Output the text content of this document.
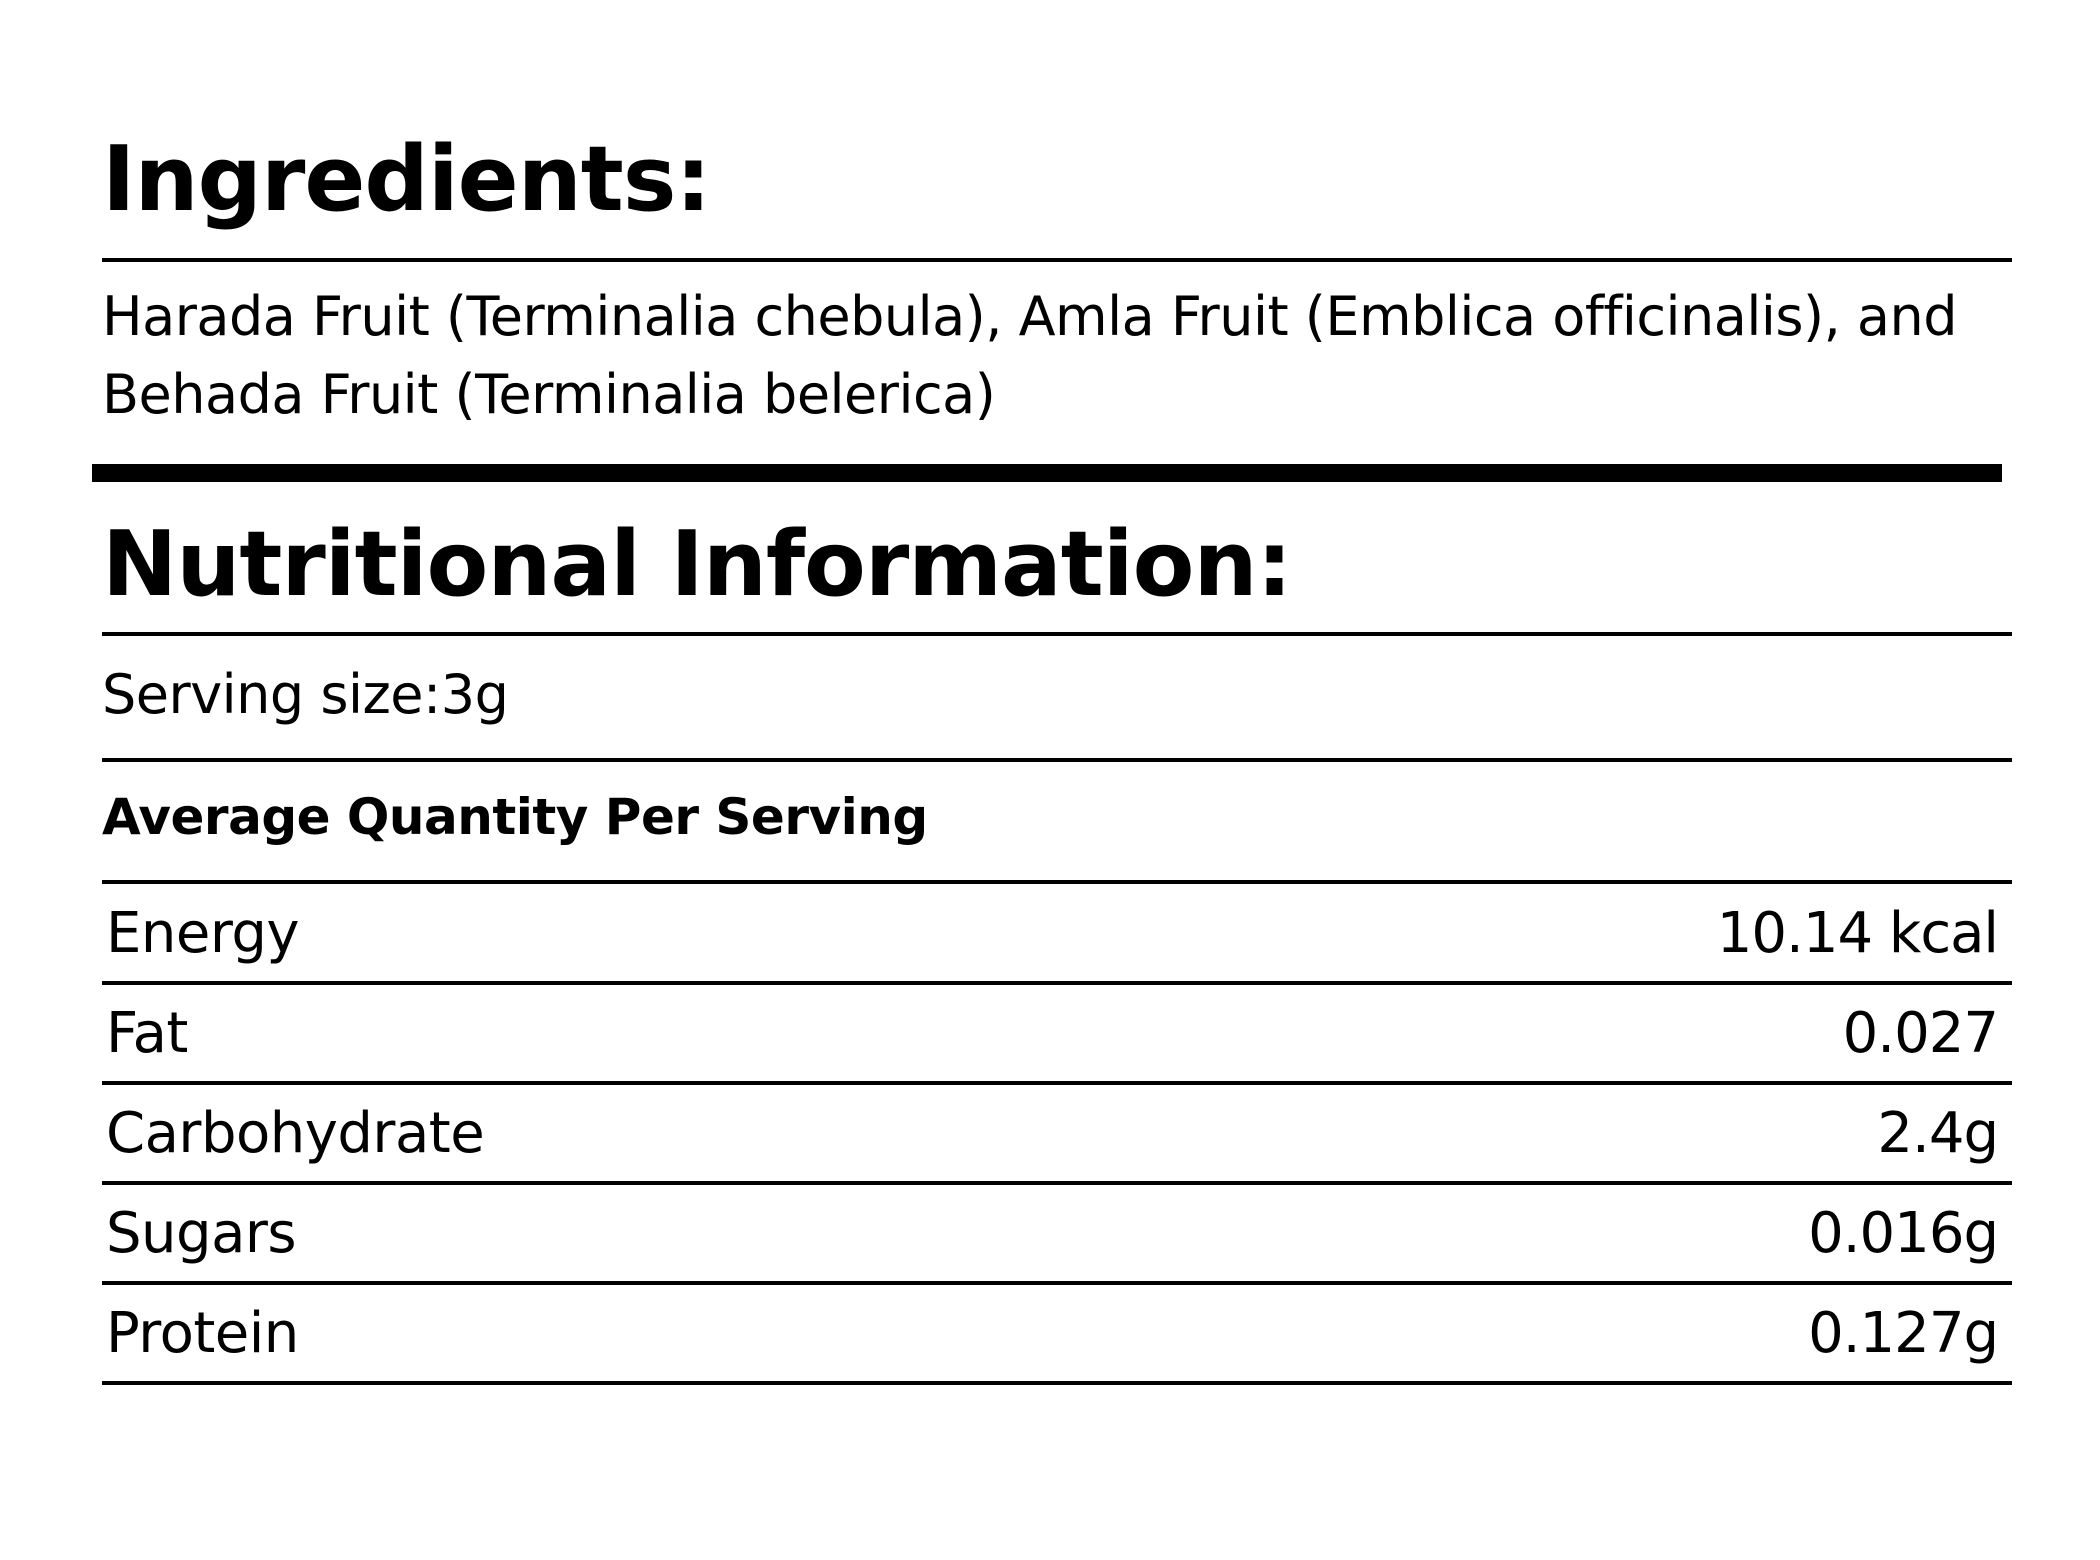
Ingredients:

Harada Fruit (Terminalia chebula), Amla Fruit (Emblica officinalis), and Behada Fruit (Terminalia belerica)

Nutritional Information:
Serving size:3g
Average Quantity Per Serving
Energy	10.14 kcal
Fat	0.027
Carbohydrate	2.4g
Sugars	0.016g
Protein	0.127g
